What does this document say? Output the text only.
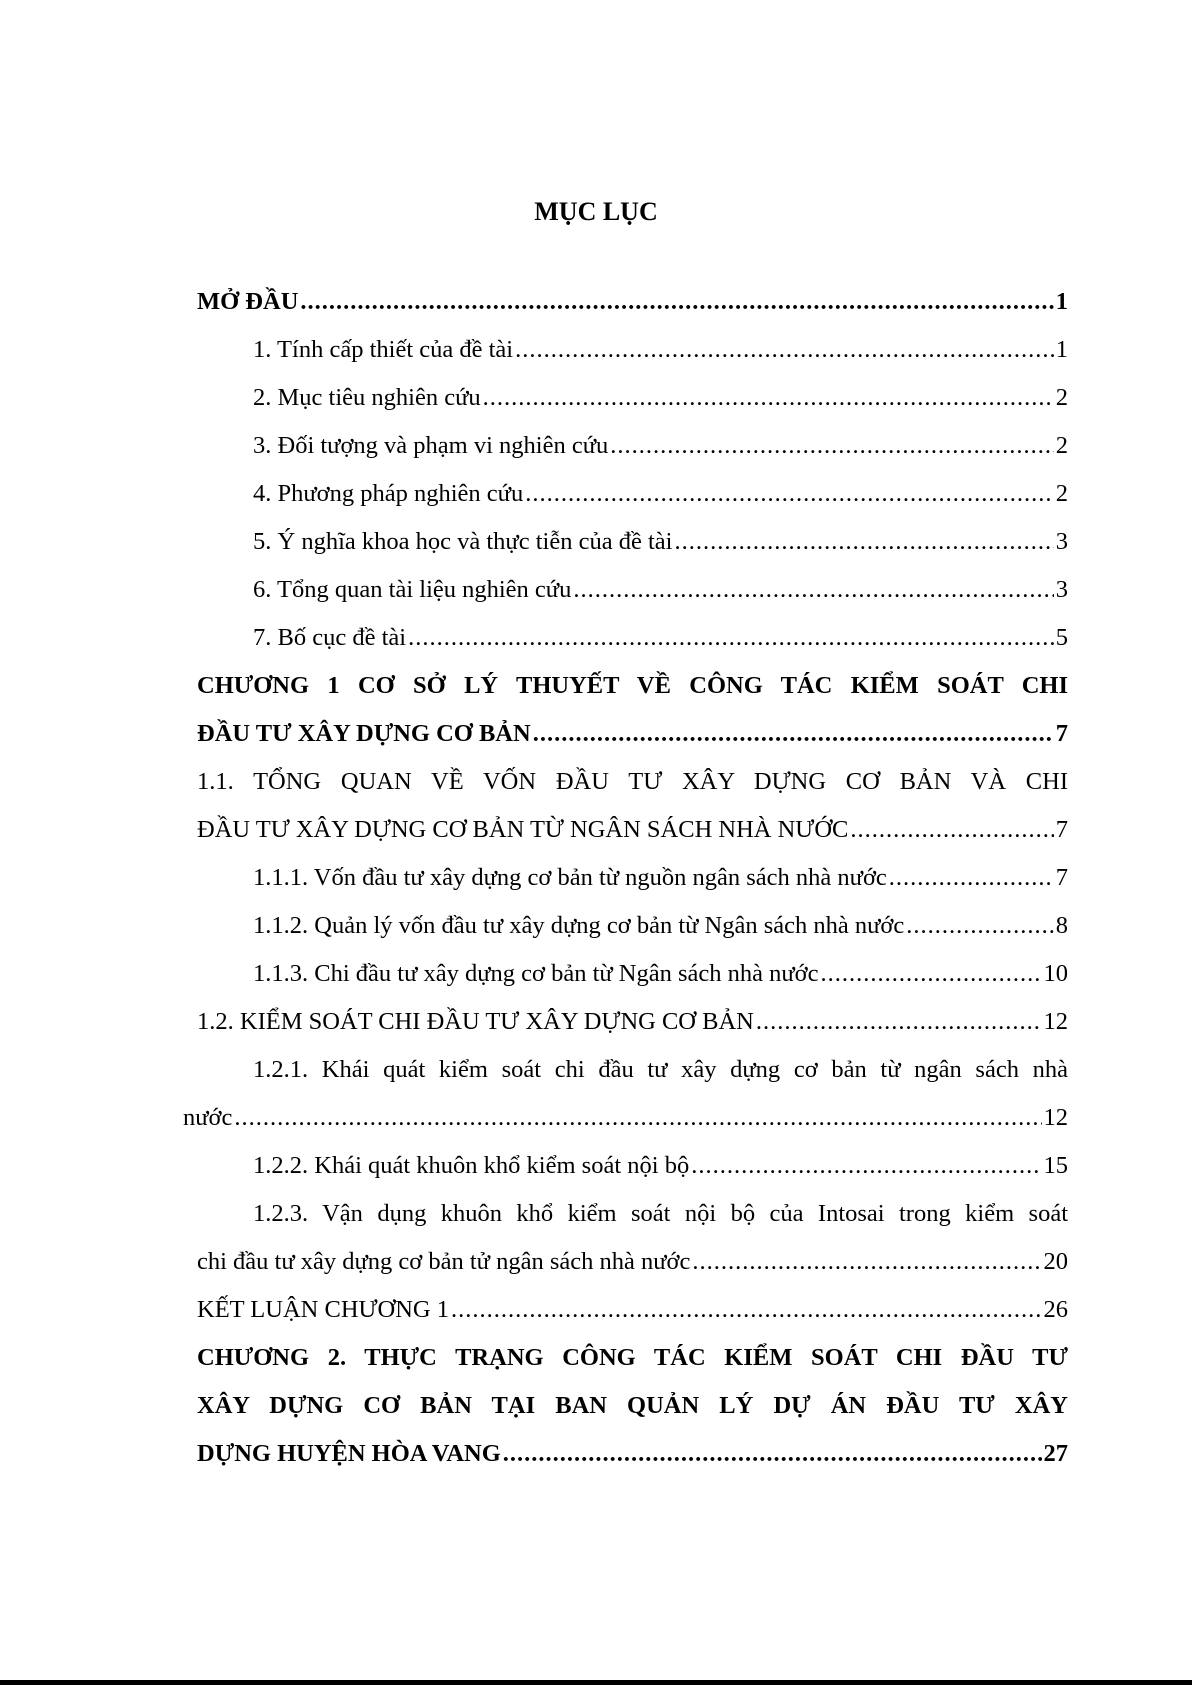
MỤC LỤC
MỞ ĐẦU .....	1
1. Tính cấp thiết của đề tài .....	1
2. Mục tiêu nghiên cứu .....	2
3. Đối tượng và phạm vi nghiên cứu .....	2
4. Phương pháp nghiên cứu .....	2
5. Ý nghĩa khoa học và thực tiễn của đề tài .....	3
6. Tổng quan tài liệu nghiên cứu .....	3
7. Bố cục đề tài .....	5
CHƯƠNG 1 CƠ SỞ LÝ THUYẾT VỀ CÔNG TÁC KIỂM SOÁT CHI
ĐẦU TƯ XÂY DỰNG CƠ BẢN .....	7
1.1. TỔNG QUAN VỀ VỐN ĐẦU TƯ XÂY DỰNG CƠ BẢN VÀ CHI
ĐẦU TƯ XÂY DỰNG CƠ BẢN TỪ NGÂN SÁCH NHÀ NƯỚC .....	7
1.1.1. Vốn đầu tư xây dựng cơ bản từ nguồn ngân sách nhà nước .....	7
1.1.2. Quản lý vốn đầu tư xây dựng cơ bản từ Ngân sách nhà nước .....	8
1.1.3. Chi đầu tư xây dựng cơ bản từ Ngân sách nhà nước .....	10
1.2. KIỂM SOÁT CHI ĐẦU TƯ XÂY DỰNG CƠ BẢN .....	12
1.2.1. Khái quát kiểm soát chi đầu tư xây dựng cơ bản từ ngân sách nhà
nước .....	12
1.2.2. Khái quát khuôn khổ kiểm soát nội bộ .....	15
1.2.3. Vận dụng khuôn khổ kiểm soát nội bộ của Intosai trong kiểm soát
chi đầu tư xây dựng cơ bản tử ngân sách nhà nước .....	20
KẾT LUẬN CHƯƠNG 1 .....	26
CHƯƠNG 2. THỰC TRẠNG CÔNG TÁC KIỂM SOÁT CHI ĐẦU TƯ
XÂY DỰNG CƠ BẢN TẠI BAN QUẢN LÝ DỰ ÁN ĐẦU TƯ XÂY
DỰNG HUYỆN HÒA VANG .....	27
